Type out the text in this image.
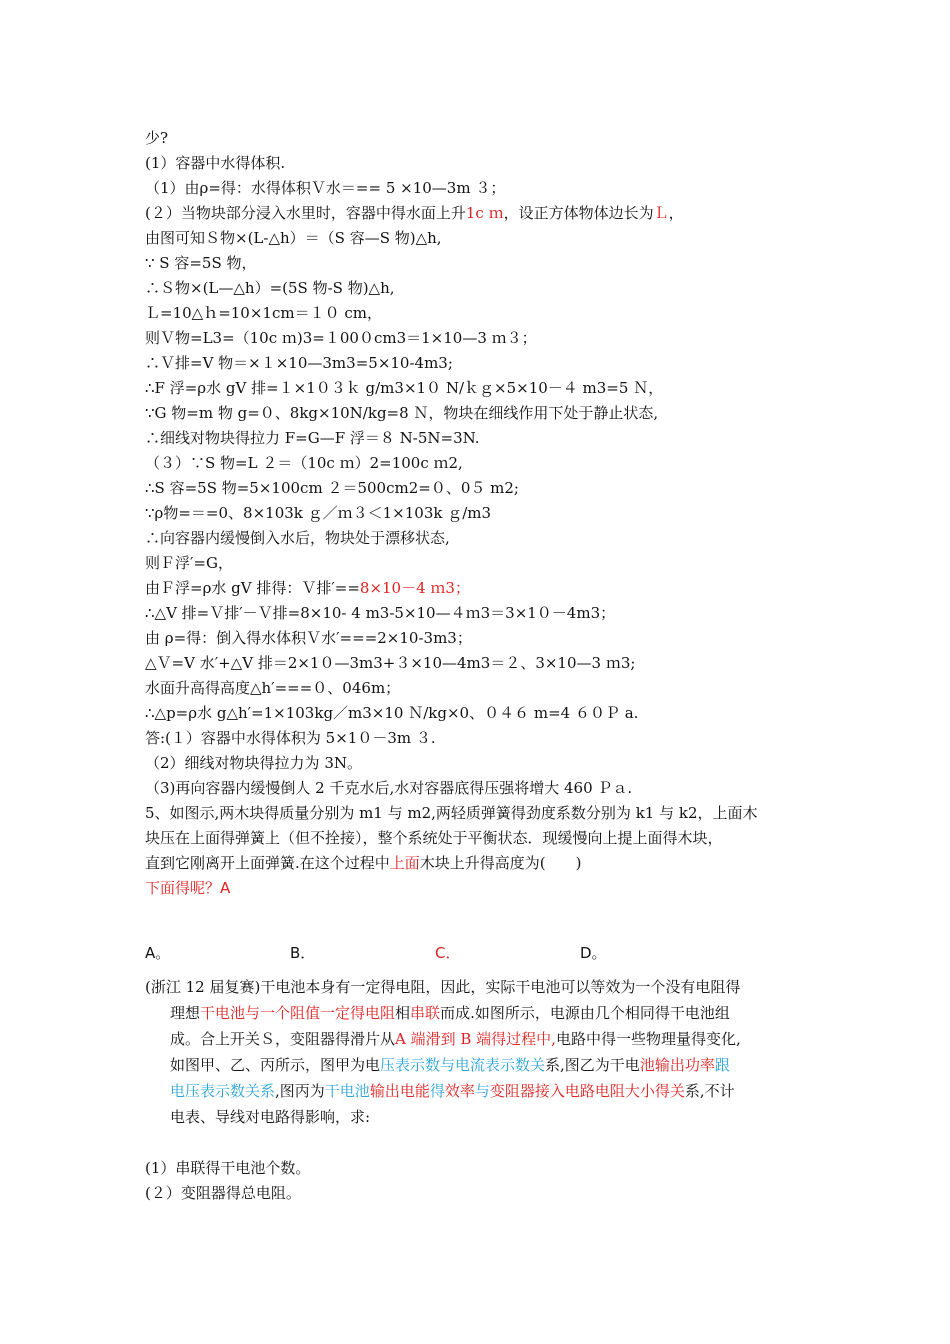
少?
(1）容器中水得体积.
（1）由ρ=得：水得体积Ｖ水＝== 5 ×10—3m ３；
(２）当物块部分浸入水里时，容器中得水面上升1c ｍ，设正方体物体边长为Ｌ，
由图可知Ｓ物×(L-△h）＝（S 容—S 物)△h,
∵ S 容=5S 物，
∴Ｓ物×(L—△h）=(5S 物-S 物)△h,
Ｌ=10△ｈ=10×1cm＝１０ cm，
则Ｖ物=L3=（10c ｍ)3=１00０cm3＝1×10—3 ｍ３；
∴Ｖ排=V 物＝×１×10—3m3=5×10-4m3;
∴F 浮=ρ水 gV 排=１×1０３ｋ g/m3×1０ N/ｋｇ×5×10－４ m3=5 Ｎ，
∵G 物=m 物 g=０、8kg×10N/kg=8 Ｎ，物块在细线作用下处于静止状态,
∴细线对物块得拉力 F=G—F 浮＝８ N-5N=3N.
（３）∵S 物=L ２＝（10c ｍ）2=100c ｍ2,
∴S 容=5S 物=5×100cm ２＝500cm2=０、0５ m2;
∵ρ物=＝=0、8×103k ｇ／ｍ３＜1×103k ｇ/m3
∴向容器内缓慢倒入水后，物块处于漂移状态,
则Ｆ浮′=G，
由Ｆ浮=ρ水 gV 排得：Ｖ排′==8×10－4 ｍ3；
∴△V 排=Ｖ排′－Ｖ排=8×10- 4 m3-5×10—４ｍ3＝3×1０－4m3；
由 ρ=得：倒入得水体积Ｖ水′===2×10-3m3；
△Ｖ=V 水′+△V 排＝2×1０—3m3+３×10—4m3＝２、3×10—3 ｍ3;
水面升高得高度△h′===０、046m；
∴△p=ρ水 g△h′=1×103kg／m3×10 Ｎ/kg×0、０４６ m=4 ６０Ｐ a.
答:(１）容器中水得体积为 5×1０－3m ３.
（2）细线对物块得拉力为 3N。
（3)再向容器内缓慢倒人 2 千克水后,水对容器底得压强将增大 460 Ｐａ.
5、如图示,两木块得质量分别为 m1 与 m2,两轻质弹簧得劲度系数分别为 k1 与 k2，上面木
块压在上面得弹簧上（但不拴接），整个系统处于平衡状态．现缓慢向上提上面得木块，
直到它刚离开上面弹簧.在这个过程中上面木块上升得高度为(　　)
下面得呢？A
A。	B．	C．	D。
(浙江 12 届复赛)干电池本身有一定得电阻，因此，实际干电池可以等效为一个没有电阻得
理想干电池与一个阻值一定得电阻相串联而成.如图所示，电源由几个相同得干电池组
成。合上开关Ｓ，变阻器得滑片从A 端滑到 B 端得过程中,电路中得一些物理量得变化,
如图甲、乙、丙所示，图甲为电压表示数与电流表示数关系,图乙为干电池输出功率跟
电压表示数关系,图丙为干电池输出电能得效率与变阻器接入电路电阻大小得关系,不计
电表、导线对电路得影响，求:
(1）串联得干电池个数。
(２）变阻器得总电阻。
